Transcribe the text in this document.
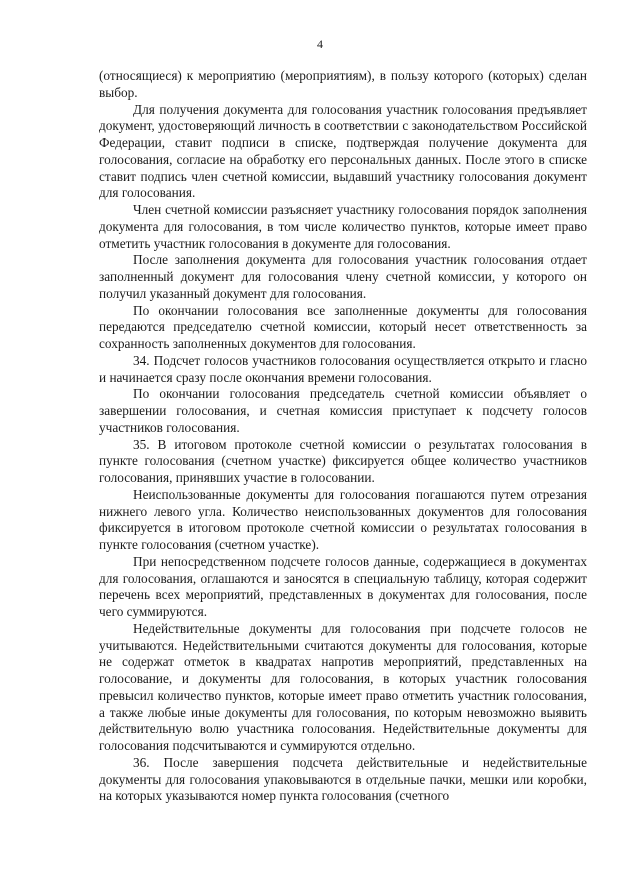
4

(относящиеся) к мероприятию (мероприятиям), в пользу которого (которых) сделан выбор.

Для получения документа для голосования участник голосования предъявляет документ, удостоверяющий личность в соответствии с законодательством Российской Федерации, ставит подписи в списке, подтверждая получение документа для голосования, согласие на обработку его персональных данных. После этого в списке ставит подпись член счетной комиссии, выдавший участнику голосования документ для голосования.

Член счетной комиссии разъясняет участнику голосования порядок заполнения документа для голосования, в том числе количество пунктов, которые имеет право отметить участник голосования в документе для голосования.

После заполнения документа для голосования участник голосования отдает заполненный документ для голосования члену счетной комиссии, у которого он получил указанный документ для голосования.

По окончании голосования все заполненные документы для голосования передаются председателю счетной комиссии, который несет ответственность за сохранность заполненных документов для голосования.

34. Подсчет голосов участников голосования осуществляется открыто и гласно и начинается сразу после окончания времени голосования.

По окончании голосования председатель счетной комиссии объявляет о завершении голосования, и счетная комиссия приступает к подсчету голосов участников голосования.

35. В итоговом протоколе счетной комиссии о результатах голосования в пункте голосования (счетном участке) фиксируется общее количество участников голосования, принявших участие в голосовании.

Неиспользованные документы для голосования погашаются путем отрезания нижнего левого угла. Количество неиспользованных документов для голосования фиксируется в итоговом протоколе счетной комиссии о результатах голосования в пункте голосования (счетном участке).

При непосредственном подсчете голосов данные, содержащиеся в документах для голосования, оглашаются и заносятся в специальную таблицу, которая содержит перечень всех мероприятий, представленных в документах для голосования, после чего суммируются.

Недействительные документы для голосования при подсчете голосов не учитываются. Недействительными считаются документы для голосования, которые не содержат отметок в квадратах напротив мероприятий, представленных на голосование, и документы для голосования, в которых участник голосования превысил количество пунктов, которые имеет право отметить участник голосования, а также любые иные документы для голосования, по которым невозможно выявить действительную волю участника голосования. Недействительные документы для голосования подсчитываются и суммируются отдельно.

36. После завершения подсчета действительные и недействительные документы для голосования упаковываются в отдельные пачки, мешки или коробки, на которых указываются номер пункта голосования (счетного
